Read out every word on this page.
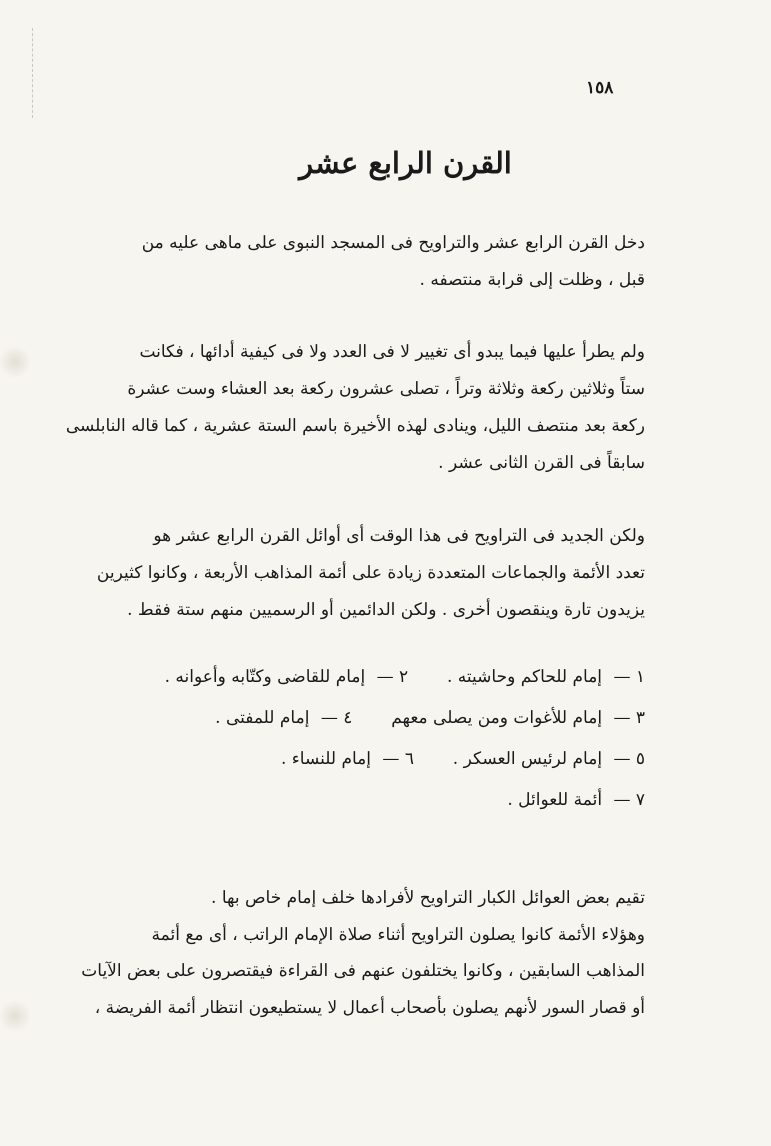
١٥٨
القرن الرابع عشر
دخل القرن الرابع عشر والتراويح فى المسجد النبوى على ماهى عليه من
قبل ، وظلت إلى قرابة منتصفه .
ولم يطرأ عليها فيما يبدو أى تغيير لا فى العدد ولا فى كيفية أدائها ، فكانت
ستاً وثلاثين ركعة وثلاثة وتراً ، تصلى عشرون ركعة بعد العشاء وست عشرة
ركعة بعد منتصف الليل، وينادى لهذه الأخيرة باسم الستة عشرية ، كما قاله النابلسى
سابقاً فى القرن الثانى عشر .
ولكن الجديد فى التراويح فى هذا الوقت أى أوائل القرن الرابع عشر هو
تعدد الأئمة والجماعات المتعددة زيادة على أئمة المذاهب الأربعة ، وكانوا كثيرين
يزيدون تارة وينقصون أخرى . ولكن الدائمين أو الرسميين منهم ستة فقط .
١ — إمام للحاكم وحاشيته .  ٢ — إمام للقاضى وكتّابه وأعوانه .
٣ — إمام للأغوات ومن يصلى معهم  ٤ — إمام للمفتى .
٥ — إمام لرئيس العسكر .  ٦ — إمام للنساء .
٧ — أئمة للعوائل .
تقيم بعض العوائل الكبار التراويح لأفرادها خلف إمام خاص بها .
وهؤلاء الأئمة كانوا يصلون التراويح أثناء صلاة الإمام الراتب ، أى مع أئمة
المذاهب السابقين ، وكانوا يختلفون عنهم فى القراءة فيقتصرون على بعض الآيات
أو قصار السور لأنهم يصلون بأصحاب أعمال لا يستطيعون انتظار أئمة الفريضة ،
